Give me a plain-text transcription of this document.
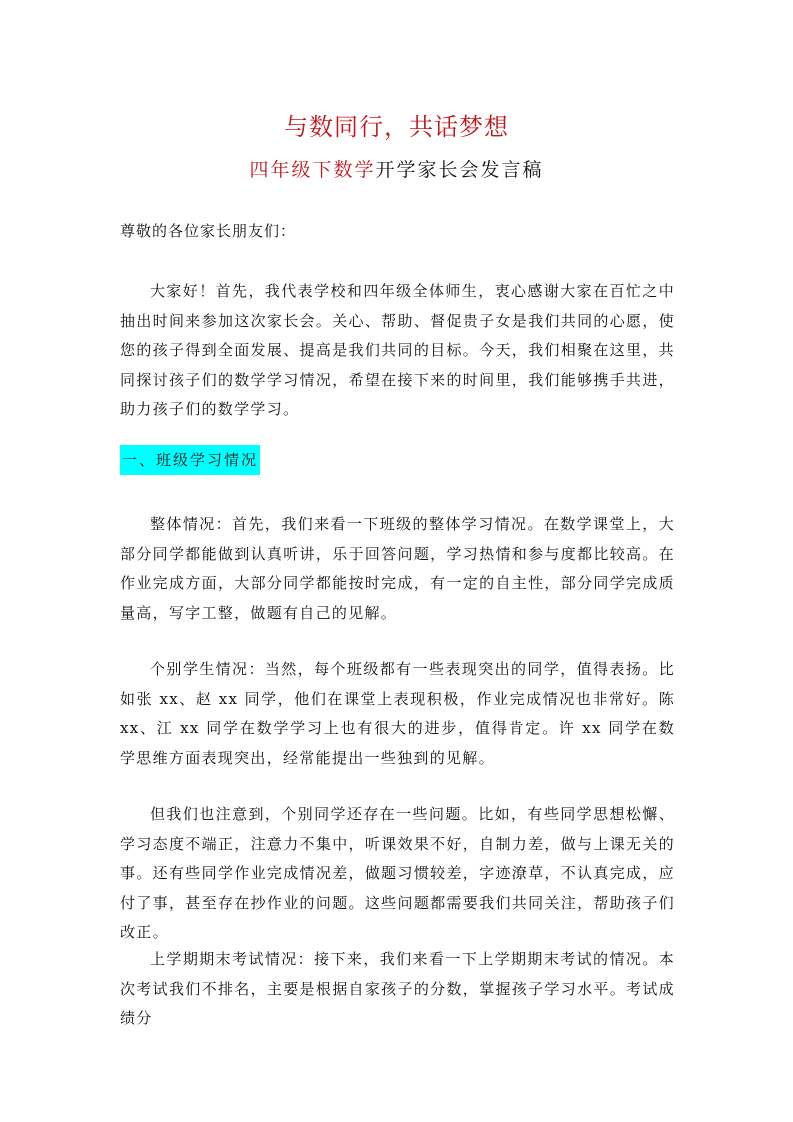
与数同行，共话梦想
四年级下数学开学家长会发言稿
尊敬的各位家长朋友们：
大家好！首先，我代表学校和四年级全体师生，衷心感谢大家在百忙之中抽出时间来参加这次家长会。关心、帮助、督促贵子女是我们共同的心愿，使您的孩子得到全面发展、提高是我们共同的目标。今天，我们相聚在这里，共同探讨孩子们的数学学习情况，希望在接下来的时间里，我们能够携手共进，助力孩子们的数学学习。
一、班级学习情况
整体情况：首先，我们来看一下班级的整体学习情况。在数学课堂上，大部分同学都能做到认真听讲，乐于回答问题，学习热情和参与度都比较高。在作业完成方面，大部分同学都能按时完成，有一定的自主性，部分同学完成质量高，写字工整，做题有自己的见解。
个别学生情况：当然，每个班级都有一些表现突出的同学，值得表扬。比如张 xx、赵 xx 同学，他们在课堂上表现积极，作业完成情况也非常好。陈 xx、江 xx 同学在数学学习上也有很大的进步，值得肯定。许 xx 同学在数学思维方面表现突出，经常能提出一些独到的见解。
但我们也注意到，个别同学还存在一些问题。比如，有些同学思想松懈、学习态度不端正，注意力不集中，听课效果不好，自制力差，做与上课无关的事。还有些同学作业完成情况差，做题习惯较差，字迹潦草，不认真完成，应付了事，甚至存在抄作业的问题。这些问题都需要我们共同关注，帮助孩子们改正。
上学期期末考试情况：接下来，我们来看一下上学期期末考试的情况。本次考试我们不排名，主要是根据自家孩子的分数，掌握孩子学习水平。考试成绩分
